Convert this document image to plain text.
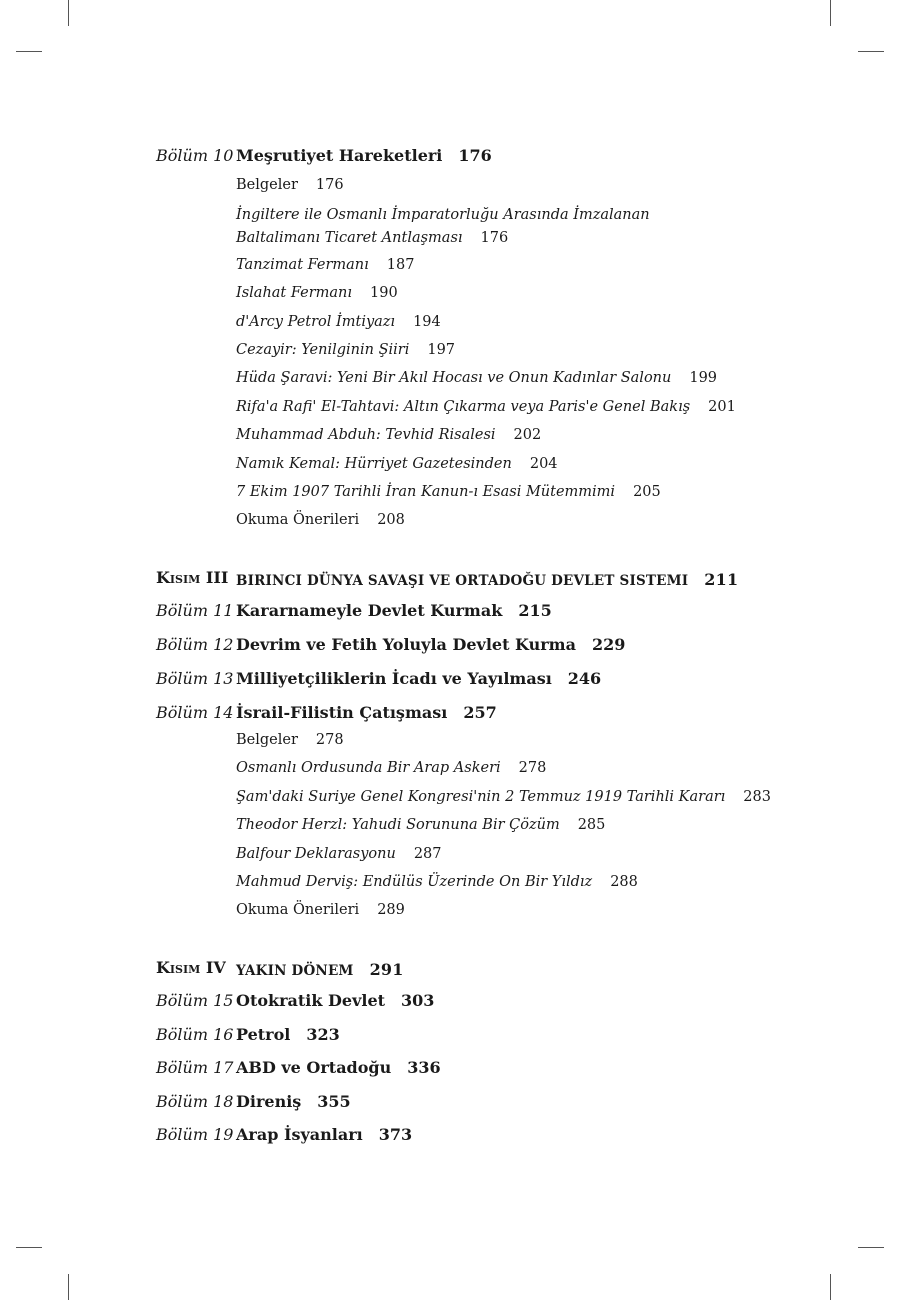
Bölüm 10 Meşrutiyet Hareketleri 176
Belgeler 176
İngiltere ile Osmanlı İmparatorluğu Arasında İmzalanan Baltalimanı Ticaret Antlaşması 176
Tanzimat Fermanı 187
Islahat Fermanı 190
d'Arcy Petrol İmtiyazı 194
Cezayir: Yenilginin Şiiri 197
Hüda Şaravi: Yeni Bir Akıl Hocası ve Onun Kadınlar Salonu 199
Rifa'a Rafi' El-Tahtavi: Altın Çıkarma veya Paris'e Genel Bakış 201
Muhammad Abduh: Tevhid Risalesi 202
Namık Kemal: Hürriyet Gazetesinden 204
7 Ekim 1907 Tarihli İran Kanun-ı Esasi Mütemmimi 205
Okuma Önerileri 208
Kısım III BIRINCI DÜNYA SAVAŞI VE ORTADOĞU DEVLET SISTEMI 211
Bölüm 11 Kararnameyle Devlet Kurmak 215
Bölüm 12 Devrim ve Fetih Yoluyla Devlet Kurma 229
Bölüm 13 Milliyetçiliklerin İcadı ve Yayılması 246
Bölüm 14 İsrail-Filistin Çatışması 257
Belgeler 278
Osmanlı Ordusunda Bir Arap Askeri 278
Şam'daki Suriye Genel Kongresi'nin 2 Temmuz 1919 Tarihli Kararı 283
Theodor Herzl: Yahudi Sorununa Bir Çözüm 285
Balfour Deklarasyonu 287
Mahmud Derviş: Endülüs Üzerinde On Bir Yıldız 288
Okuma Önerileri 289
Kısım IV YAKIN DÖNEM 291
Bölüm 15 Otokratik Devlet 303
Bölüm 16 Petrol 323
Bölüm 17 ABD ve Ortadoğu 336
Bölüm 18 Direniş 355
Bölüm 19 Arap İsyanları 373
